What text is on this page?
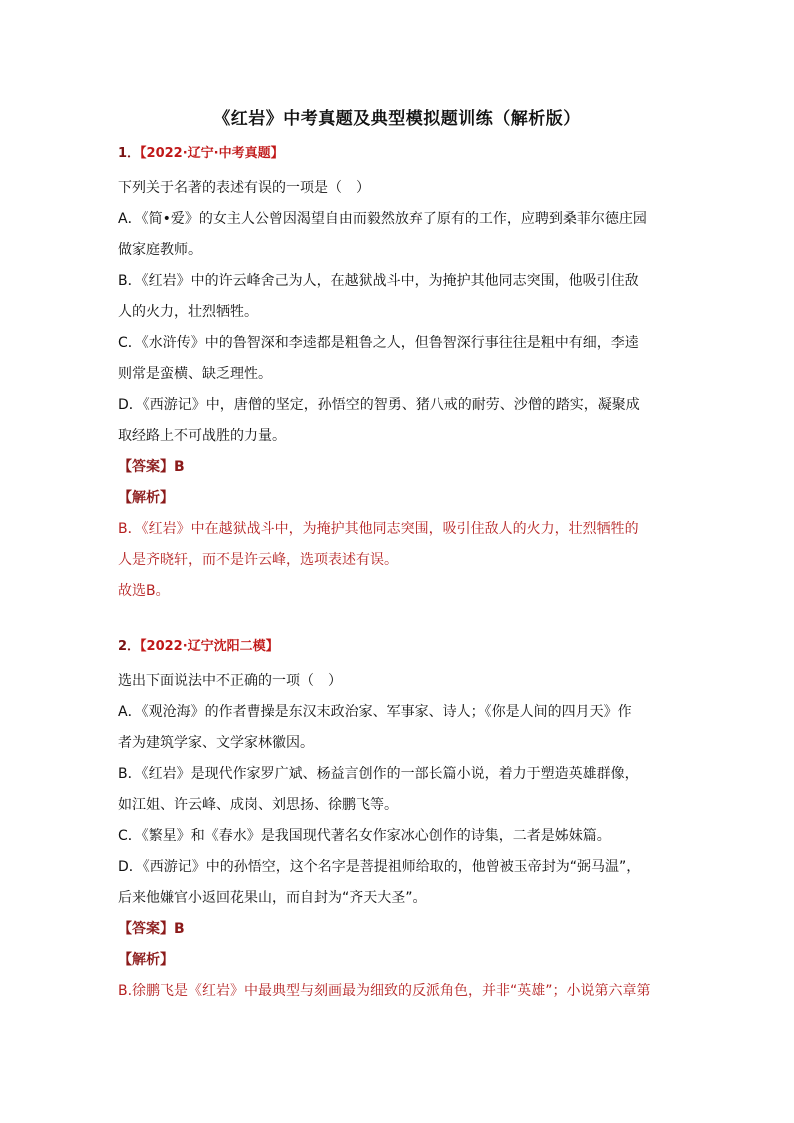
《红岩》中考真题及典型模拟题训练（解析版）
1．【2022·辽宁·中考真题】
下列关于名著的表述有误的一项是（　）
A．《简•爱》的女主人公曾因渴望自由而毅然放弃了原有的工作，应聘到桑菲尔德庄园
做家庭教师。
B．《红岩》中的许云峰舍己为人，在越狱战斗中，为掩护其他同志突围，他吸引住敌
人的火力，壮烈牺牲。
C．《水浒传》中的鲁智深和李逵都是粗鲁之人，但鲁智深行事往往是粗中有细，李逵
则常是蛮横、缺乏理性。
D．《西游记》中，唐僧的坚定，孙悟空的智勇、猪八戒的耐劳、沙僧的踏实，凝聚成
取经路上不可战胜的力量。
【答案】B
【解析】
B．《红岩》中在越狱战斗中，为掩护其他同志突围，吸引住敌人的火力，壮烈牺牲的
人是齐晓轩，而不是许云峰，选项表述有误。
故选B。
2．【2022·辽宁沈阳二模】
选出下面说法中不正确的一项（　）
A．《观沧海》的作者曹操是东汉末政治家、军事家、诗人；《你是人间的四月天》作
者为建筑学家、文学家林徽因。
B．《红岩》是现代作家罗广斌、杨益言创作的一部长篇小说，着力于塑造英雄群像，
如江姐、许云峰、成岗、刘思扬、徐鹏飞等。
C．《繁星》和《春水》是我国现代著名女作家冰心创作的诗集，二者是姊妹篇。
D．《西游记》中的孙悟空，这个名字是菩提祖师给取的，他曾被玉帝封为“弼马温”，
后来他嫌官小返回花果山，而自封为“齐天大圣”。
【答案】B
【解析】
B.徐鹏飞是《红岩》中最典型与刻画最为细致的反派角色，并非“英雄”；小说第六章第
